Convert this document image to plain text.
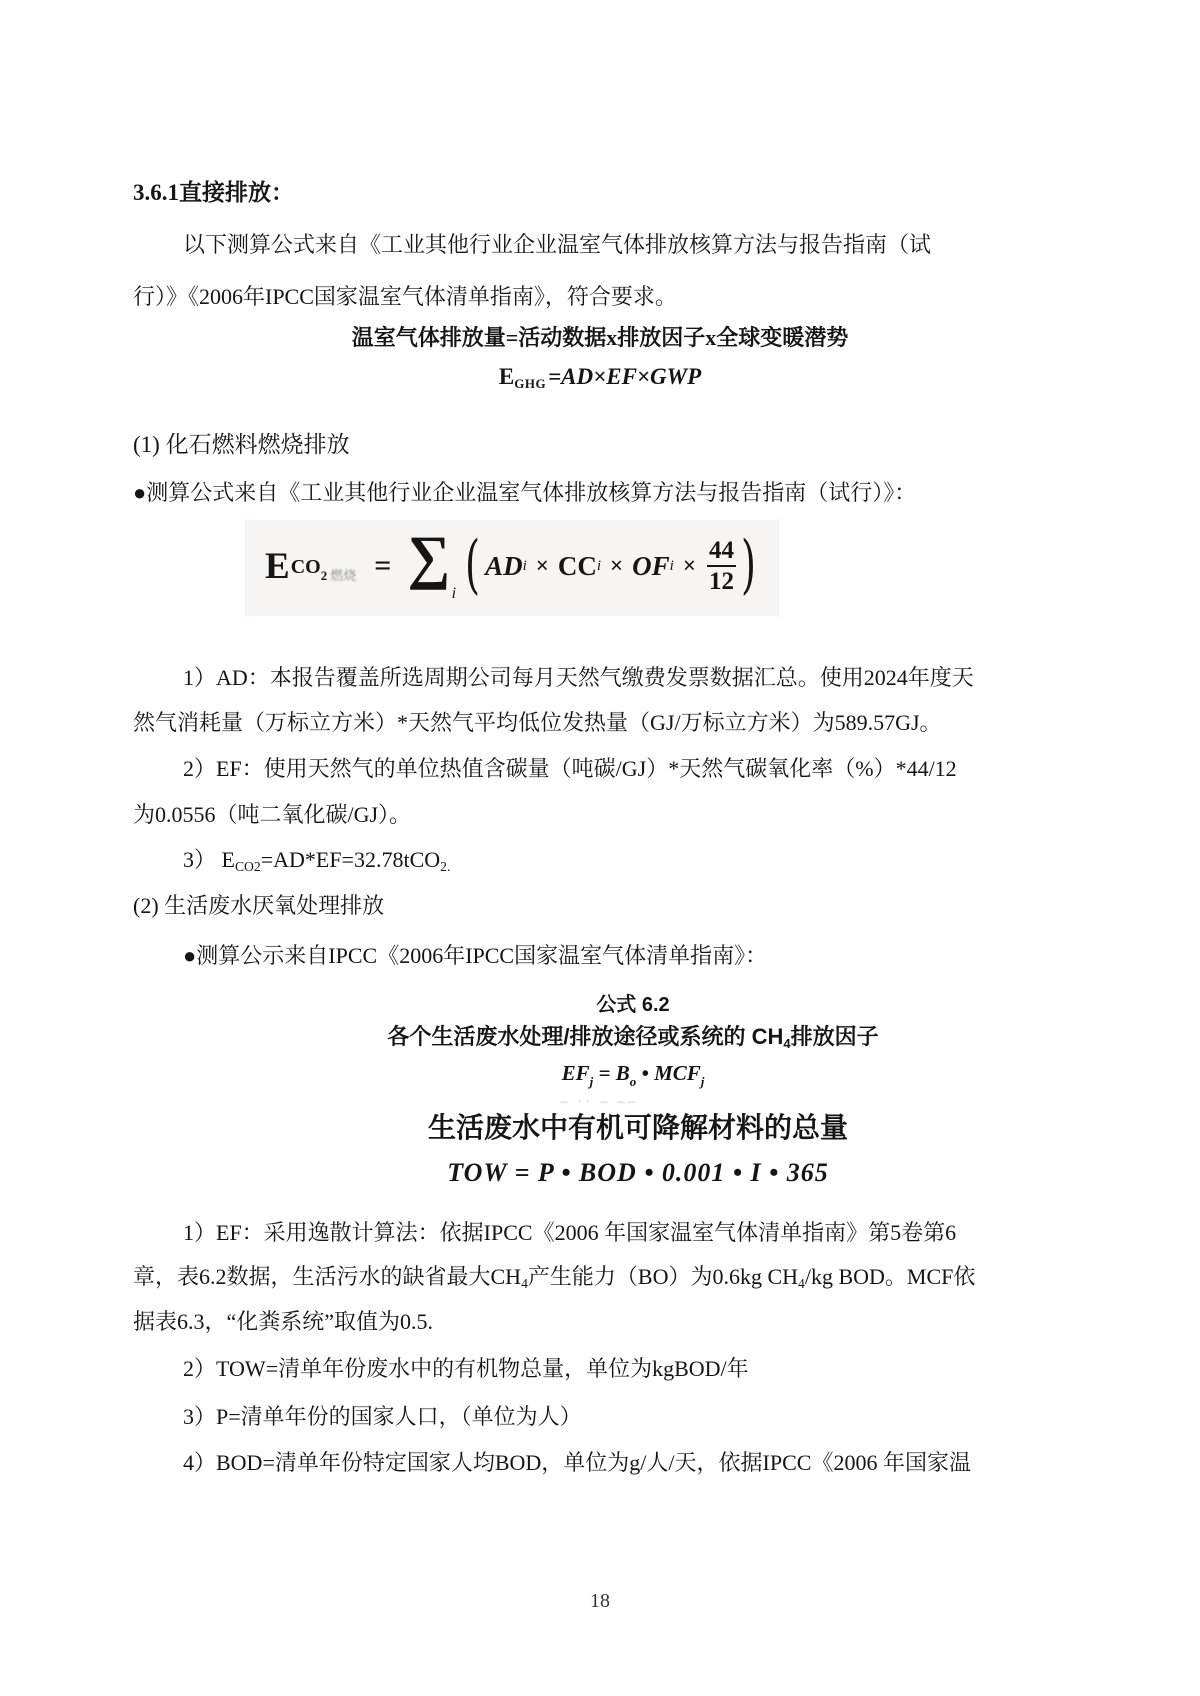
3.6.1直接排放：
以下测算公式来自《工业其他行业企业温室气体排放核算方法与报告指南（试
行）》《2006年IPCC国家温室气体清单指南》，符合要求。
温室气体排放量=活动数据x排放因子x全球变暖潜势
EGHG=AD×EF×GWP
(1) 化石燃料燃烧排放
●测算公式来自《工业其他行业企业温室气体排放核算方法与报告指南（试行）》：
E $CO_2$ $_{燃烧}$ = ∑
i ( AD i × CC i × OF $i \times \frac{44}{12}$ )
1）AD：本报告覆盖所选周期公司每月天然气缴费发票数据汇总。使用2024年度天
然气消耗量（万标立方米）*天然气平均低位发热量（GJ/万标立方米）为589.57GJ。
2）EF：使用天然气的单位热值含碳量（吨碳/GJ）*天然气碳氧化率（%）*44/12
为0.0556（吨二氧化碳/GJ）。
3） $E_{CO2}=AD*EF=32.78tCO_{2.}$
(2) 生活废水厌氧处理排放
●测算公示来自IPCC《2006年IPCC国家温室气体清单指南》：
公式 6.2
各个生活废水处理/排放途径或系统的 CH4排放因子
$EF_j = B_o$ • $MCF_j$
– ·· – ––
生活废水中有机可降解材料的总量
TOW = P • BOD • 0.001 • I • 365
1）EF：采用逸散计算法：依据IPCC《2006 年国家温室气体清单指南》第5卷第6
章，表6.2数据，生活污水的缺省最大$CH_4$产生能力（BO）为0.6kg $CH_4/kg$ BOD。MCF依
据表6.3，“化粪系统”取值为0.5.
2）TOW=清单年份废水中的有机物总量，单位为kgBOD/年
3）P=清单年份的国家人口，（单位为人）
4）BOD=清单年份特定国家人均BOD，单位为g/人/天，依据IPCC《2006 年国家温
18
